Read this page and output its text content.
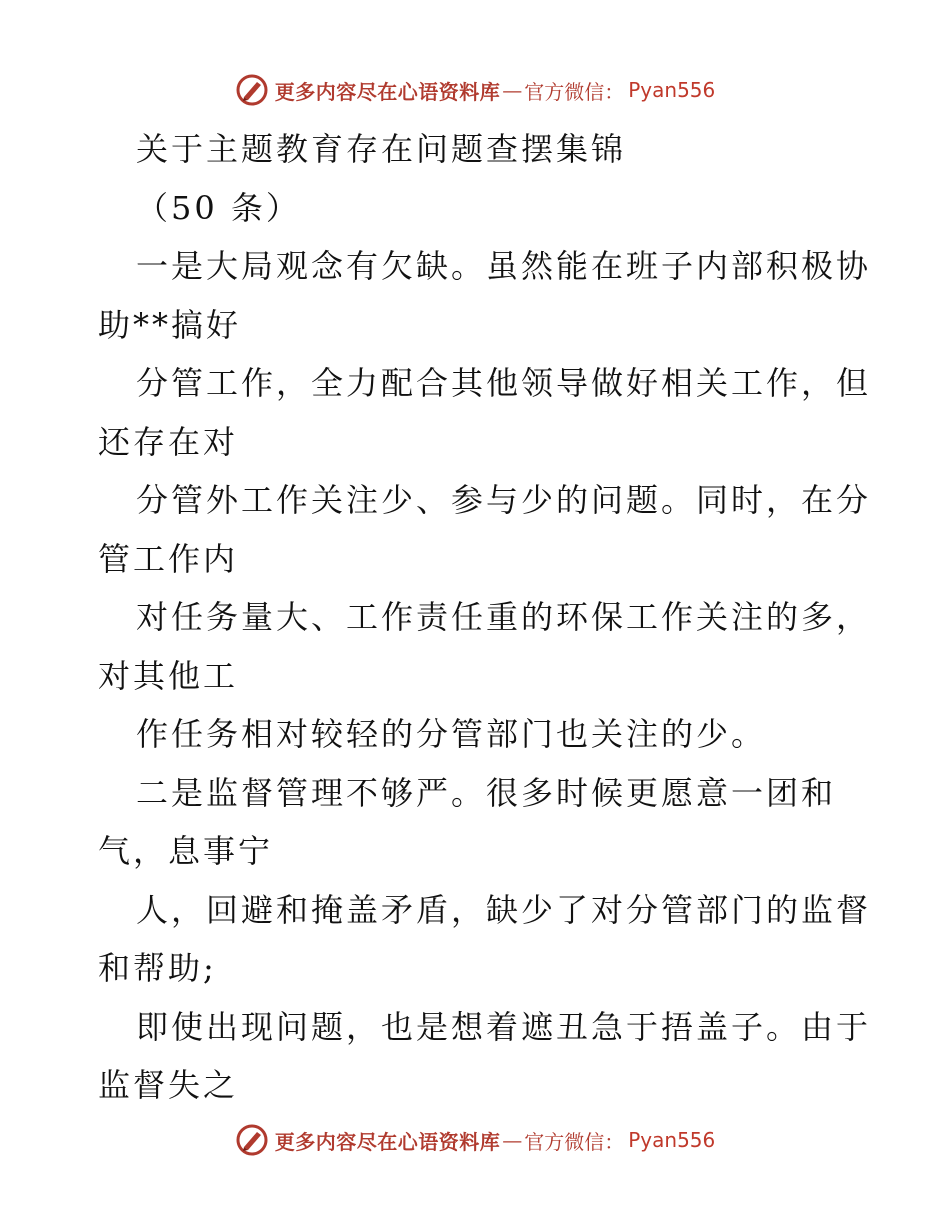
更多内容尽在心语资料库 — 官方微信： Pyan556
关于主题教育存在问题查摆集锦
（50 条）
一是大局观念有欠缺。虽然能在班子内部积极协
助**搞好
分管工作，全力配合其他领导做好相关工作，但
还存在对
分管外工作关注少、参与少的问题。同时，在分
管工作内
对任务量大、工作责任重的环保工作关注的多，
对其他工
作任务相对较轻的分管部门也关注的少。
二是监督管理不够严。很多时候更愿意一团和
气，息事宁
人，回避和掩盖矛盾，缺少了对分管部门的监督
和帮助;
即使出现问题，也是想着遮丑急于捂盖子。由于
监督失之
更多内容尽在心语资料库 — 官方微信： Pyan556
